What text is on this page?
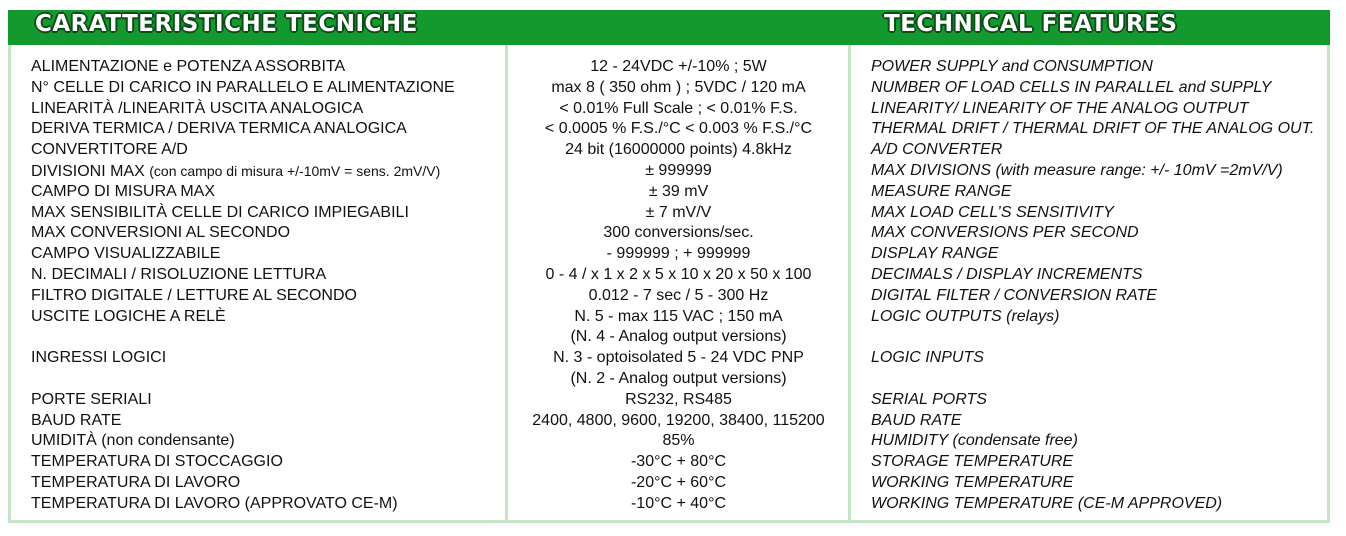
CARATTERISTICHE TECNICHE	TECHNICAL FEATURES
ALIMENTAZIONE e POTENZA ASSORBITA
N° CELLE DI CARICO IN PARALLELO E ALIMENTAZIONE
LINEARITÀ /LINEARITÀ USCITA ANALOGICA
DERIVA TERMICA / DERIVA TERMICA ANALOGICA
CONVERTITORE A/D
DIVISIONI MAX (con campo di misura +/-10mV = sens. 2mV/V)
CAMPO DI MISURA MAX
MAX SENSIBILITÀ CELLE DI CARICO IMPIEGABILI
MAX CONVERSIONI AL SECONDO
CAMPO VISUALIZZABILE
N. DECIMALI / RISOLUZIONE LETTURA
FILTRO DIGITALE / LETTURE AL SECONDO
USCITE LOGICHE A RELÈ
INGRESSI LOGICI
PORTE SERIALI
BAUD RATE
UMIDITÀ (non condensante)
TEMPERATURA DI STOCCAGGIO
TEMPERATURA DI LAVORO
TEMPERATURA DI LAVORO (APPROVATO CE-M)
12 - 24VDC +/-10% ; 5W
max 8 ( 350 ohm ) ; 5VDC / 120 mA
< 0.01% Full Scale ; < 0.01% F.S.
< 0.0005 % F.S./°C < 0.003 % F.S./°C
24 bit (16000000 points) 4.8kHz
± 999999
± 39 mV
± 7 mV/V
300 conversions/sec.
- 999999 ; + 999999
0 - 4 / x 1 x 2 x 5 x 10 x 20 x 50 x 100
0.012 - 7 sec / 5 - 300 Hz
N. 5 - max 115 VAC ; 150 mA
(N. 4 - Analog output versions)
N. 3 - optoisolated 5 - 24 VDC PNP
(N. 2 - Analog output versions)
RS232, RS485
2400, 4800, 9600, 19200, 38400, 115200
85%
-30°C + 80°C
-20°C + 60°C
-10°C + 40°C
POWER SUPPLY and CONSUMPTION
NUMBER OF LOAD CELLS IN PARALLEL and SUPPLY
LINEARITY/ LINEARITY OF THE ANALOG OUTPUT
THERMAL DRIFT / THERMAL DRIFT OF THE ANALOG OUT.
A/D CONVERTER
MAX DIVISIONS (with measure range: +/- 10mV =2mV/V)
MEASURE RANGE
MAX LOAD CELL’S SENSITIVITY
MAX CONVERSIONS PER SECOND
DISPLAY RANGE
DECIMALS / DISPLAY INCREMENTS
DIGITAL FILTER / CONVERSION RATE
LOGIC OUTPUTS (relays)
LOGIC INPUTS
SERIAL PORTS
BAUD RATE
HUMIDITY (condensate free)
STORAGE TEMPERATURE
WORKING TEMPERATURE
WORKING TEMPERATURE (CE-M APPROVED)
